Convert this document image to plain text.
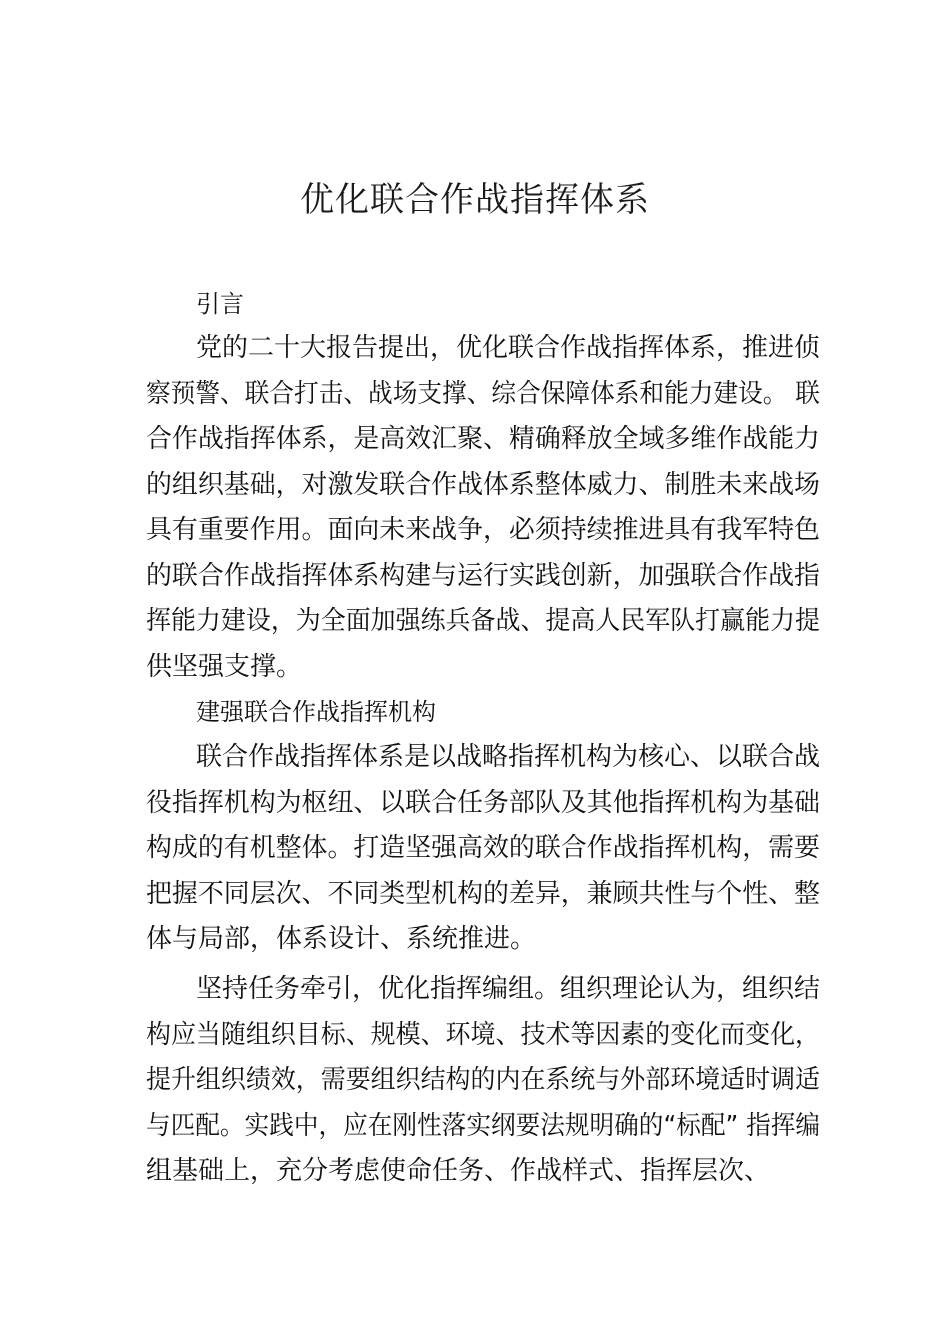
优化联合作战指挥体系
引言
党的二十大报告提出，优化联合作战指挥体系，推进侦
察预警、联合打击、战场支撑、综合保障体系和能力建设。 联
合作战指挥体系，是高效汇聚、精确释放全域多维作战能力
的组织基础，对激发联合作战体系整体威力、制胜未来战场
具有重要作用。面向未来战争，必须持续推进具有我军特色
的联合作战指挥体系构建与运行实践创新，加强联合作战指
挥能力建设，为全面加强练兵备战、提高人民军队打赢能力提
供坚强支撑。
建强联合作战指挥机构
联合作战指挥体系是以战略指挥机构为核心、以联合战
役指挥机构为枢纽、以联合任务部队及其他指挥机构为基础
构成的有机整体。打造坚强高效的联合作战指挥机构，需要
把握不同层次、不同类型机构的差异，兼顾共性与个性、整
体与局部，体系设计、系统推进。
坚持任务牵引，优化指挥编组。组织理论认为，组织结
构应当随组织目标、规模、环境、技术等因素的变化而变化，
提升组织绩效，需要组织结构的内在系统与外部环境适时调适
与匹配。实践中，应在刚性落实纲要法规明确的“标配” 指挥编
组基础上，充分考虑使命任务、作战样式、指挥层次、
